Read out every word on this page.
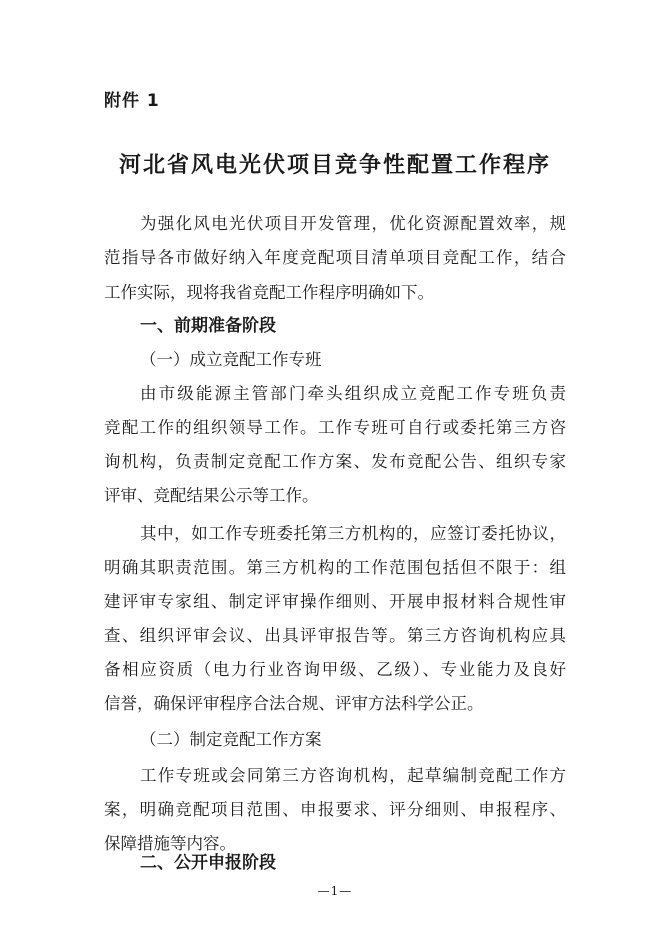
附件 1
河北省风电光伏项目竞争性配置工作程序
为强化风电光伏项目开发管理，优化资源配置效率，规
范指导各市做好纳入年度竞配项目清单项目竞配工作，结合
工作实际，现将我省竞配工作程序明确如下。
一、前期准备阶段
（一）成立竞配工作专班
由市级能源主管部门牵头组织成立竞配工作专班负责
竞配工作的组织领导工作。工作专班可自行或委托第三方咨
询机构，负责制定竞配工作方案、发布竞配公告、组织专家
评审、竞配结果公示等工作。
其中，如工作专班委托第三方机构的，应签订委托协议，
明确其职责范围。第三方机构的工作范围包括但不限于：组
建评审专家组、制定评审操作细则、开展申报材料合规性审
查、组织评审会议、出具评审报告等。第三方咨询机构应具
备相应资质（电力行业咨询甲级、乙级）、专业能力及良好
信誉，确保评审程序合法合规、评审方法科学公正。
（二）制定竞配工作方案
工作专班或会同第三方咨询机构，起草编制竞配工作方
案，明确竞配项目范围、申报要求、评分细则、申报程序、
保障措施等内容。
—1—
二、公开申报阶段
